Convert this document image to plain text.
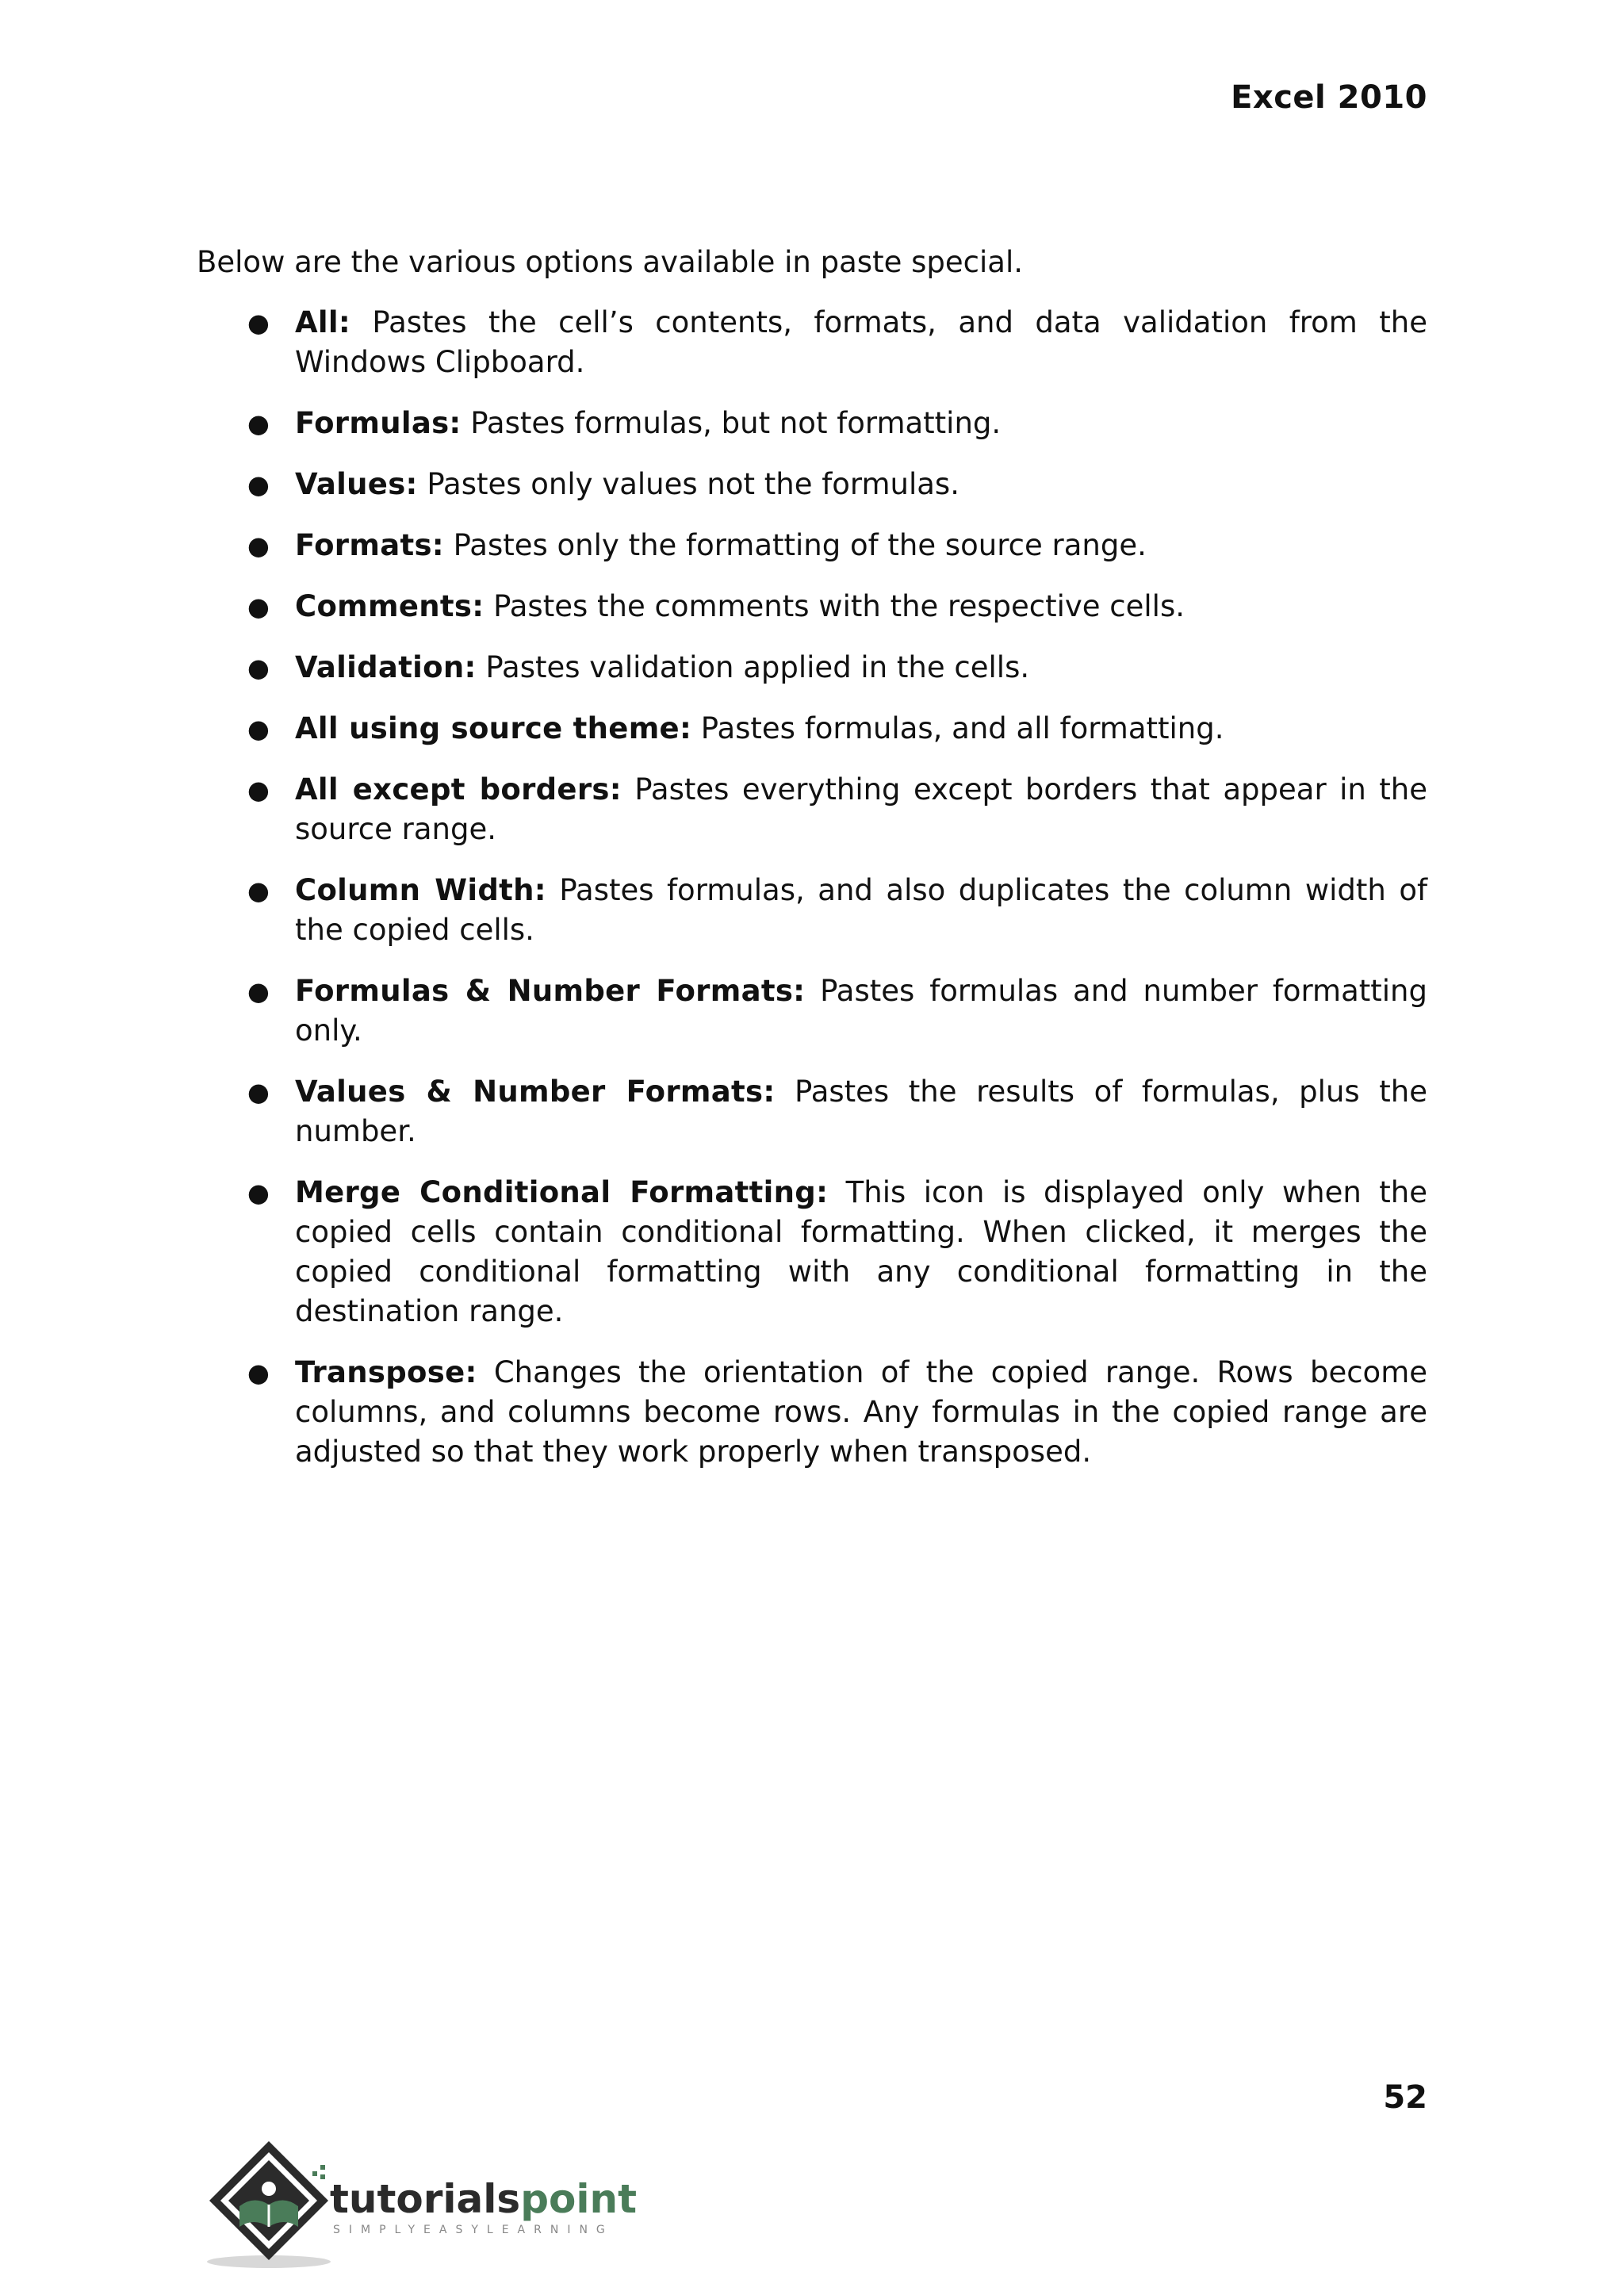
Excel 2010

Below are the various options available in paste special.

● All: Pastes the cell’s contents, formats, and data validation from the Windows Clipboard.
● Formulas: Pastes formulas, but not formatting.
● Values: Pastes only values not the formulas.
● Formats: Pastes only the formatting of the source range.
● Comments: Pastes the comments with the respective cells.
● Validation: Pastes validation applied in the cells.
● All using source theme: Pastes formulas, and all formatting.
● All except borders: Pastes everything except borders that appear in the source range.
● Column Width: Pastes formulas, and also duplicates the column width of the copied cells.
● Formulas & Number Formats: Pastes formulas and number formatting only.
● Values & Number Formats: Pastes the results of formulas, plus the number.
● Merge Conditional Formatting: This icon is displayed only when the copied cells contain conditional formatting. When clicked, it merges the copied conditional formatting with any conditional formatting in the destination range.
● Transpose: Changes the orientation of the copied range. Rows become columns, and columns become rows. Any formulas in the copied range are adjusted so that they work properly when transposed.
52
tutorialspoint
SIMPLYEASYLEARNING
